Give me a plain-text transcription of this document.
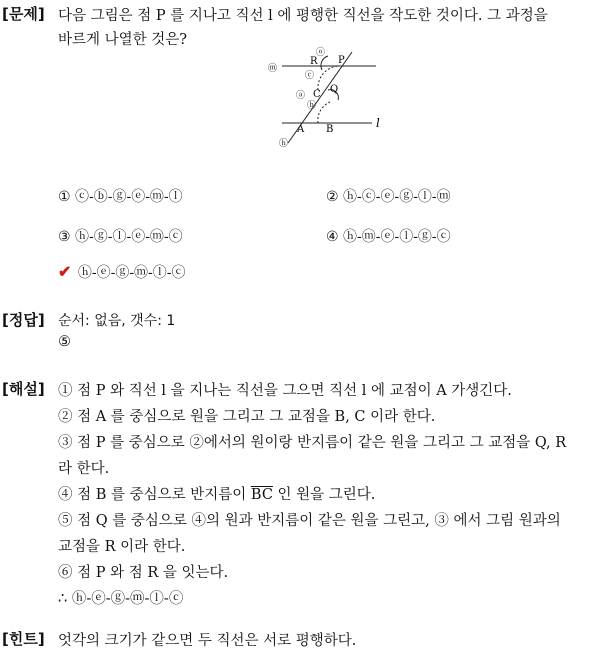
[문제] 다음 그림은 점 P 를 지나고 직선 l 에 평행한 직선을 작도한 것이다. 그 과정을
바르게 나열한 것은?
P
R
Q
C
A B	l
ⓜ
ⓞ
ⓒ
ⓐ
ⓑ
ⓗ
① ⓒ-ⓑ-ⓖ-ⓔ-ⓜ-ⓛ	② ⓗ-ⓒ-ⓔ-ⓖ-ⓛ-ⓜ
③ ⓗ-ⓖ-ⓛ-ⓔ-ⓜ-ⓒ	④ ⓗ-ⓜ-ⓔ-ⓛ-ⓖ-ⓒ
✔ ⓗ-ⓔ-ⓖ-ⓜ-ⓛ-ⓒ
[정답] 순서: 없음, 갯수: 1
⑤
[해설] ① 점 P 와 직선 l 을 지나는 직선을 그으면 직선 l 에 교점이 A 가생긴다.
② 점 A 를 중심으로 원을 그리고 그 교점을 B, C 이라 한다.
③ 점 P 를 중심으로 ②에서의 원이랑 반지름이 같은 원을 그리고 그 교점을 Q, R
라 한다.
④ 점 B 를 중심으로 반지름이 $\overline{BC}$ 인 원을 그린다.
⑤ 점 Q 를 중심으로 ④의 원과 반지름이 같은 원을 그린고, ③ 에서 그림 원과의
교점을 R 이라 한다.
⑥ 점 P 와 점 R 을 잇는다.
∴ ⓗ-ⓔ-ⓖ-ⓜ-ⓛ-ⓒ
[힌트] 엇각의 크기가 같으면 두 직선은 서로 평행하다.
